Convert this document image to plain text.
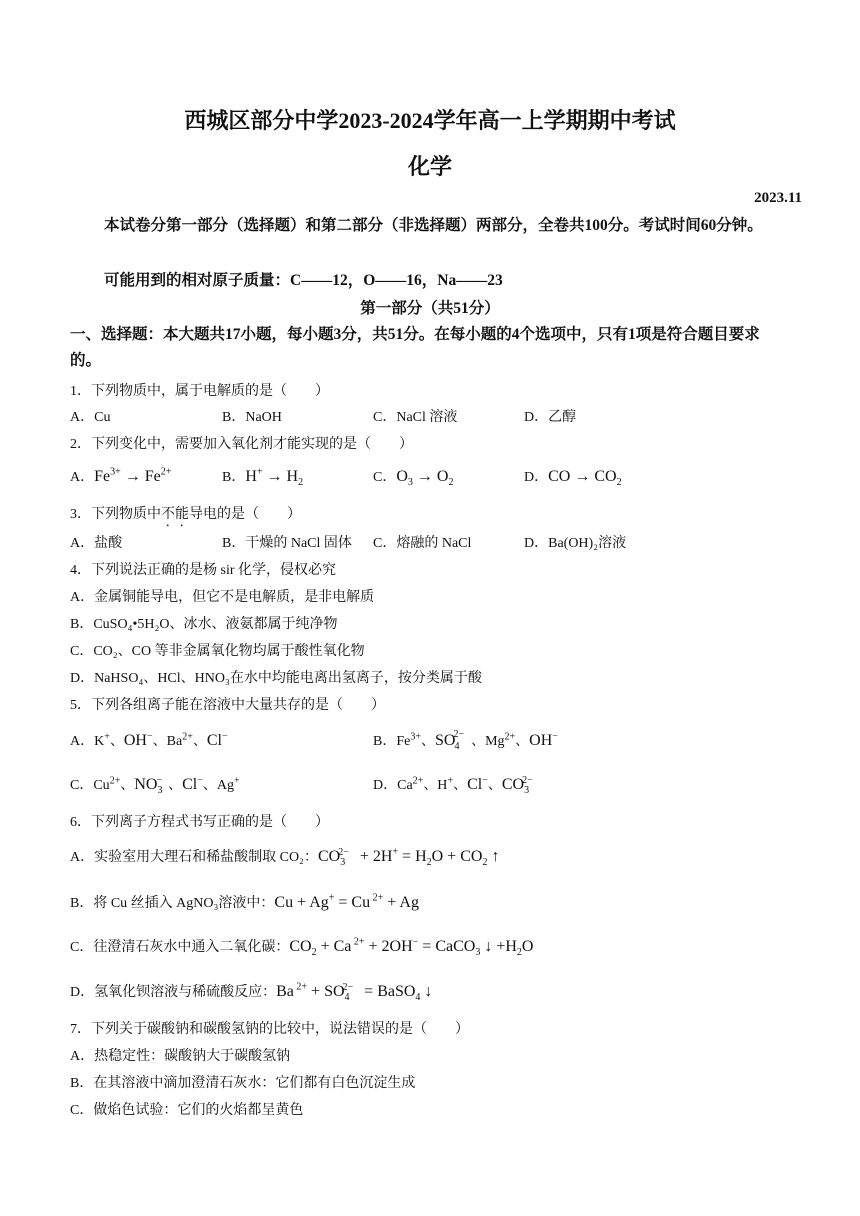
西城区部分中学2023-2024学年高一上学期期中考试
化学
2023.11
本试卷分第一部分（选择题）和第二部分（非选择题）两部分，全卷共100分。考试时间60分钟。
可能用到的相对原子质量：C——12，O——16，Na——23
第一部分（共51分）
一、选择题：本大题共17小题，每小题3分，共51分。在每小题的4个选项中，只有1项是符合题目要求的。
1．下列物质中，属于电解质的是（　　）
A．Cu	B．NaOH	C．NaCl 溶液	D．乙醇
2．下列变化中，需要加入氧化剂才能实现的是（　　）
A．$Fe^{3+} \to Fe^{2+}$	B．$H^+ \to H_2$	C．$O_3 \to O_2$	D．CO → $CO_2$
3．下列物质中不能导电的是（　　）
A．盐酸	B．干燥的 NaCl 固体 C．熔融的 NaCl	D．Ba(OH)₂溶液
4．下列说法正确的是杨 sir 化学，侵权必究
A．金属铜能导电，但它不是电解质，是非电解质
B．CuSO₄•5H₂O、冰水、液氨都属于纯净物
C．CO₂、CO 等非金属氧化物均属于酸性氧化物
D．NaHSO₄、HCl、HNO₃在水中均能电离出氢离子，按分类属于酸
5．下列各组离子能在溶液中大量共存的是（　　）
A．K+、OH−、$Ba^{2+}$、Cl−	B．$Fe^{3+}$、$SO_4^{2-}$ 、$Mg^{2+}$、OH−
C．$Cu^{2+}$、$NO_3^-$ 、Cl−、Ag+	D．$Ca^{2+}$、H+、Cl−、$CO_3^{2-}$
6．下列离子方程式书写正确的是（　　）
A．实验室用大理石和稀盐酸制取 CO₂：$CO_3^{2-} + 2H^+ = H_2O + CO_2$ ↑
B．将 Cu 丝插入 AgNO₃溶液中：Cu + Ag+ = Cu $^{2+}$ + Ag
C．往澄清石灰水中通入二氧化碳：$CO_2 + Ca$ $^{2+}$ + 2OH− = CaCO$_3$ ↓ $+H_2O$
D．氢氧化钡溶液与稀硫酸反应：Ba $^{2+} + SO_4^{2-}$ = BaSO$_4$ ↓
7．下列关于碳酸钠和碳酸氢钠的比较中，说法错误的是（　　）
A．热稳定性：碳酸钠大于碳酸氢钠
B．在其溶液中滴加澄清石灰水：它们都有白色沉淀生成
C．做焰色试验：它们的火焰都呈黄色
